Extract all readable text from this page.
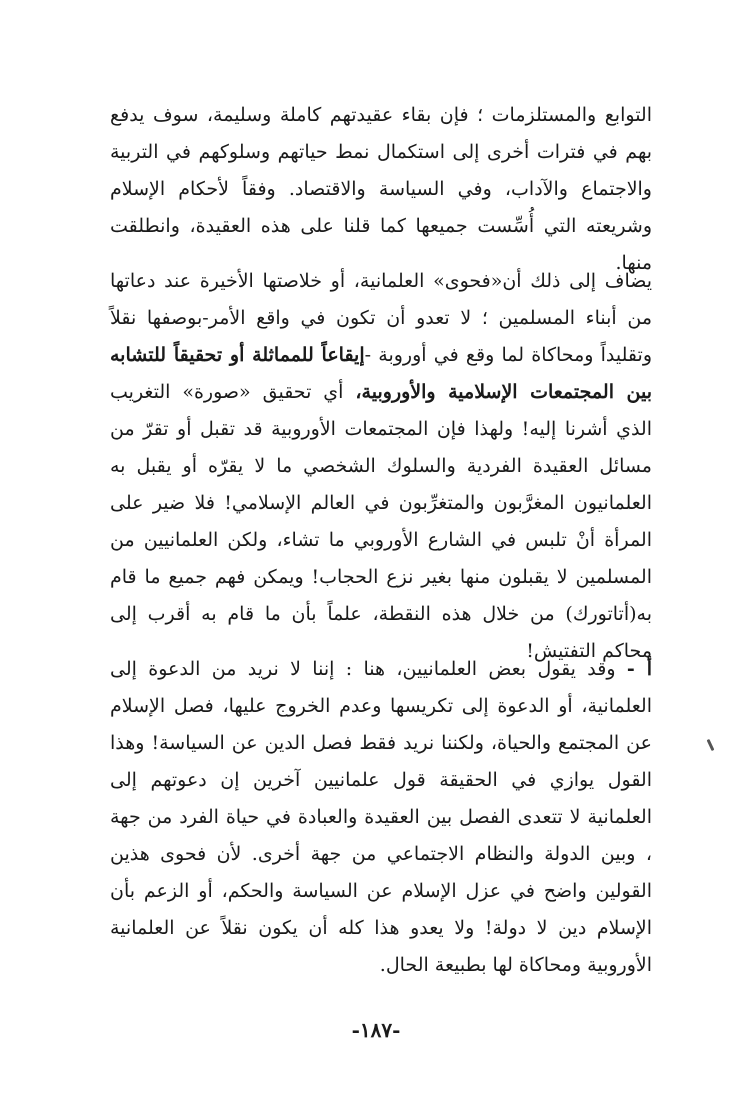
التوابع والمستلزمات ؛ فإن بقاء عقيدتهم كاملة وسليمة، سوف يدفع بهم في فترات أخرى إلى استكمال نمط حياتهم وسلوكهم في التربية والاجتماع والآداب، وفي السياسة والاقتصاد. وفقاً لأحكام الإسلام وشريعته التي أُسِّست جميعها كما قلنا على هذه العقيدة، وانطلقت منها.

يضاف إلى ذلك أن«فحوى» العلمانية، أو خلاصتها الأخيرة عند دعاتها من أبناء المسلمين ؛ لا تعدو أن تكون في واقع الأمر-بوصفها نقلاً وتقليداً ومحاكاة لما وقع في أوروبة -إيقاعاً للمماثلة أو تحقيقاً للتشابه بين المجتمعات الإسلامية والأوروبية، أي تحقيق «صورة» التغريب الذي أشرنا إليه! ولهذا فإن المجتمعات الأوروبية قد تقبل أو تقرّ من مسائل العقيدة الفردية والسلوك الشخصي ما لا يقرّه أو يقبل به العلمانيون المغرَّبون والمتغرِّبون في العالم الإسلامي! فلا ضير على المرأة أنْ تلبس في الشارع الأوروبي ما تشاء، ولكن العلمانيين من المسلمين لا يقبلون منها بغير نزع الحجاب! ويمكن فهم جميع ما قام به(أتاتورك) من خلال هذه النقطة، علماً بأن ما قام به أقرب إلى محاكم التفتيش!

أ - وقد يقول بعض العلمانيين، هنا : إننا لا نريد من الدعوة إلى العلمانية، أو الدعوة إلى تكريسها وعدم الخروج عليها، فصل الإسلام عن المجتمع والحياة، ولكننا نريد فقط فصل الدين عن السياسة! وهذا القول يوازي في الحقيقة قول علمانيين آخرين إن دعوتهم إلى العلمانية لا تتعدى الفصل بين العقيدة والعبادة في حياة الفرد من جهة ، وبين الدولة والنظام الاجتماعي من جهة أخرى. لأن فحوى هذين القولين واضح في عزل الإسلام عن السياسة والحكم، أو الزعم بأن الإسلام دين لا دولة! ولا يعدو هذا كله أن يكون نقلاً عن العلمانية الأوروبية ومحاكاة لها بطبيعة الحال.

-١٨٧-
